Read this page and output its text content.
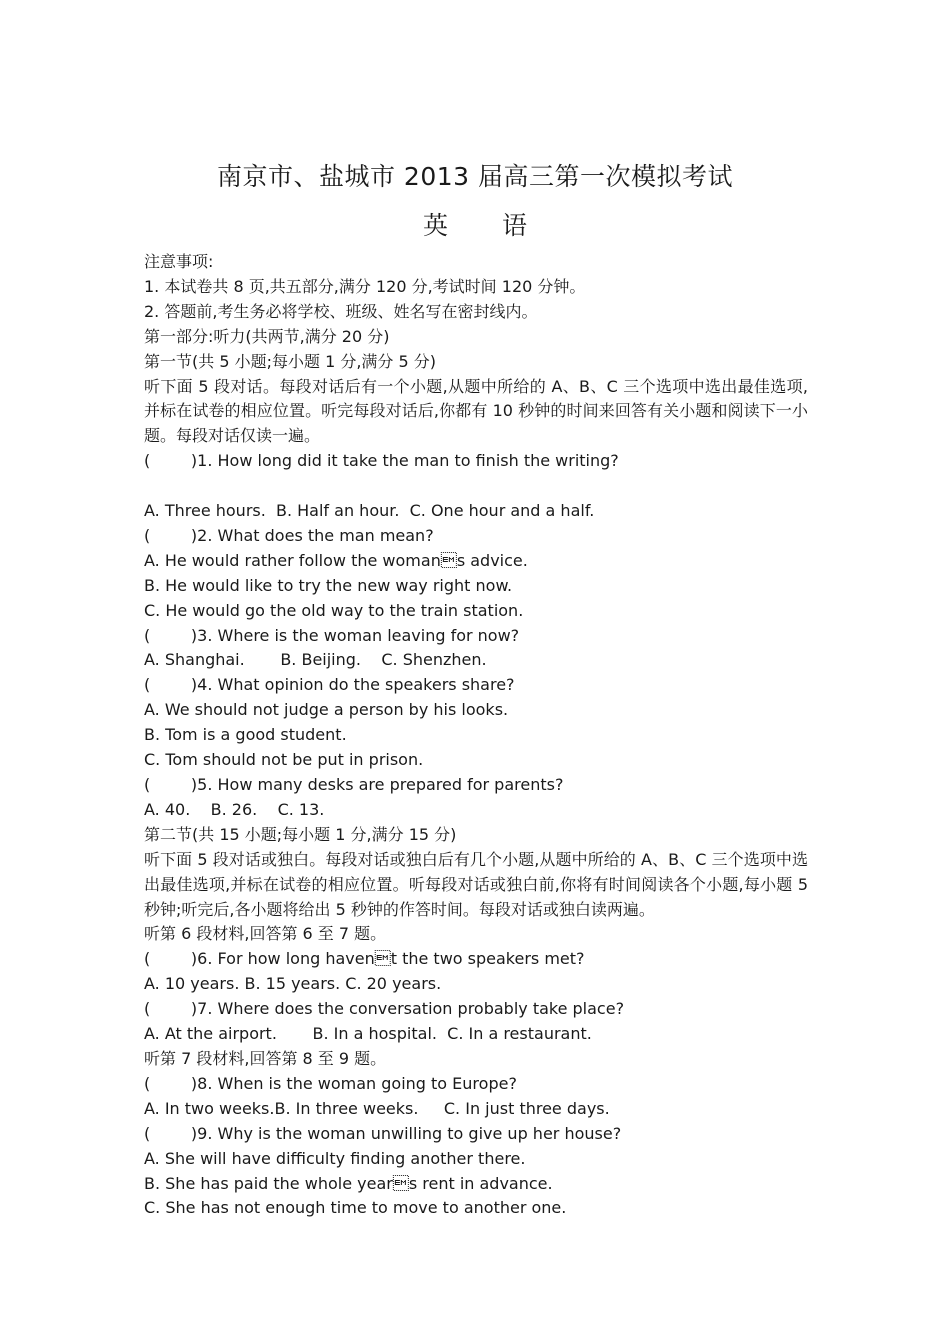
南京市、盐城市 2013 届高三第一次模拟考试
英 语
注意事项:
1. 本试卷共 8 页,共五部分,满分 120 分,考试时间 120 分钟。
2. 答题前,考生务必将学校、班级、姓名写在密封线内。
第一部分:听力(共两节,满分 20 分)
第一节(共 5 小题;每小题 1 分,满分 5 分)
听下面 5 段对话。每段对话后有一个小题,从题中所给的 A、B、C 三个选项中选出最佳选项,并标在试卷的相应位置。听完每段对话后,你都有 10 秒钟的时间来回答有关小题和阅读下一小题。每段对话仅读一遍。
(        )1. How long did it take the man to finish the writing?
A. Three hours.  B. Half an hour.  C. One hour and a half.
(        )2. What does the man mean?
A. He would rather follow the womans advice.
B. He would like to try the new way right now.
C. He would go the old way to the train station.
(        )3. Where is the woman leaving for now?
A. Shanghai.       B. Beijing.    C. Shenzhen.
(        )4. What opinion do the speakers share?
A. We should not judge a person by his looks.
B. Tom is a good student.
C. Tom should not be put in prison.
(        )5. How many desks are prepared for parents?
A. 40.    B. 26.    C. 13.
第二节(共 15 小题;每小题 1 分,满分 15 分)
听下面 5 段对话或独白。每段对话或独白后有几个小题,从题中所给的 A、B、C 三个选项中选出最佳选项,并标在试卷的相应位置。听每段对话或独白前,你将有时间阅读各个小题,每小题 5 秒钟;听完后,各小题将给出 5 秒钟的作答时间。每段对话或独白读两遍。
听第 6 段材料,回答第 6 至 7 题。
(        )6. For how long havent the two speakers met?
A. 10 years. B. 15 years. C. 20 years.
(        )7. Where does the conversation probably take place?
A. At the airport.       B. In a hospital.  C. In a restaurant.
听第 7 段材料,回答第 8 至 9 题。
(        )8. When is the woman going to Europe?
A. In two weeks.B. In three weeks.     C. In just three days.
(        )9. Why is the woman unwilling to give up her house?
A. She will have difficulty finding another there.
B. She has paid the whole years rent in advance.
C. She has not enough time to move to another one.
